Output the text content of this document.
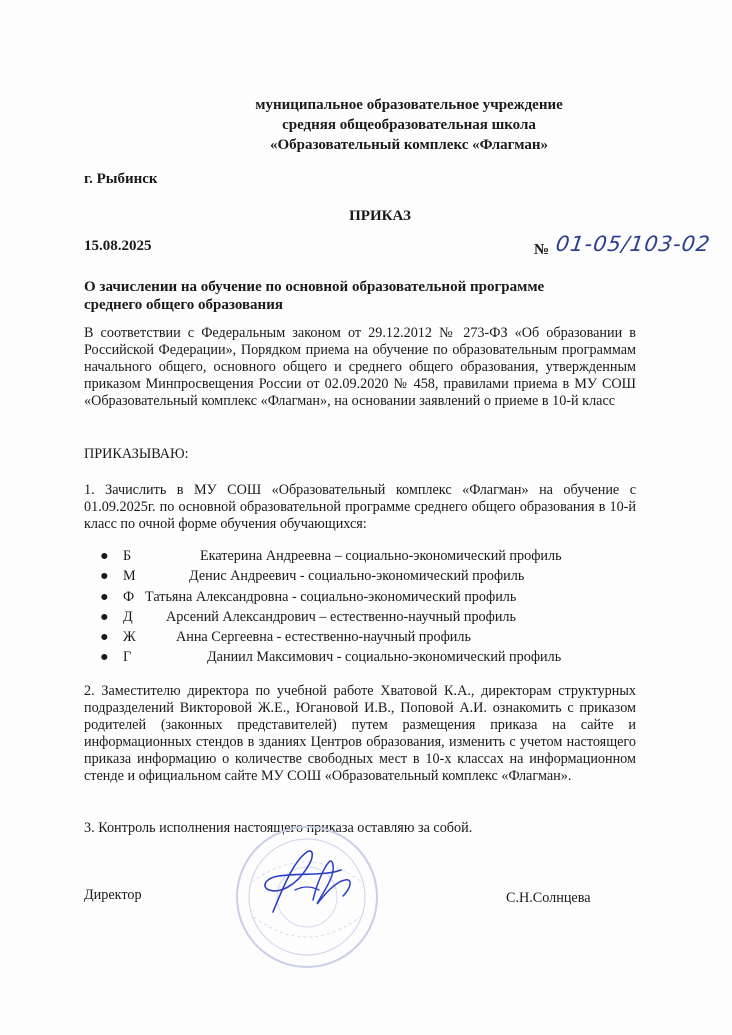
муниципальное образовательное учреждение
средняя общеобразовательная школа
«Образовательный комплекс «Флагман»
г. Рыбинск
ПРИКАЗ
15.08.2025	№ 01-05/103-02
О зачислении на обучение по основной образовательной программе
среднего общего образования
В соответствии с Федеральным законом от 29.12.2012 № 273-ФЗ «Об образовании в Российской Федерации», Порядком приема на обучение по образовательным программам начального общего, основного общего и среднего общего образования, утвержденным приказом Минпросвещения России от 02.09.2020 № 458, правилами приема в МУ СОШ «Образовательный комплекс «Флагман», на основании заявлений о приеме в 10-й класс
ПРИКАЗЫВАЮ:
1. Зачислить в МУ СОШ «Образовательный комплекс «Флагман» на обучение с 01.09.2025г. по основной образовательной программе среднего общего образования в 10-й класс по очной форме обучения обучающихся:
● Б	Екатерина Андреевна – социально-экономический профиль
● М	Денис Андреевич - социально-экономический профиль
● Ф Татьяна Александровна - социально-экономический профиль
● Д Арсений Александрович – естественно-научный профиль
● Ж	Анна Сергеевна - естественно-научный профиль
● Г	Даниил Максимович - социально-экономический профиль
2. Заместителю директора по учебной работе Хватовой К.А., директорам структурных подразделений Викторовой Ж.Е., Югановой И.В., Поповой А.И. ознакомить с приказом родителей (законных представителей) путем размещения приказа на сайте и информационных стендов в зданиях Центров образования, изменить с учетом настоящего приказа информацию о количестве свободных мест в 10-х классах на информационном стенде и официальном сайте МУ СОШ «Образовательный комплекс «Флагман».
3. Контроль исполнения настоящего приказа оставляю за собой.
Директор	С.Н.Солнцева
